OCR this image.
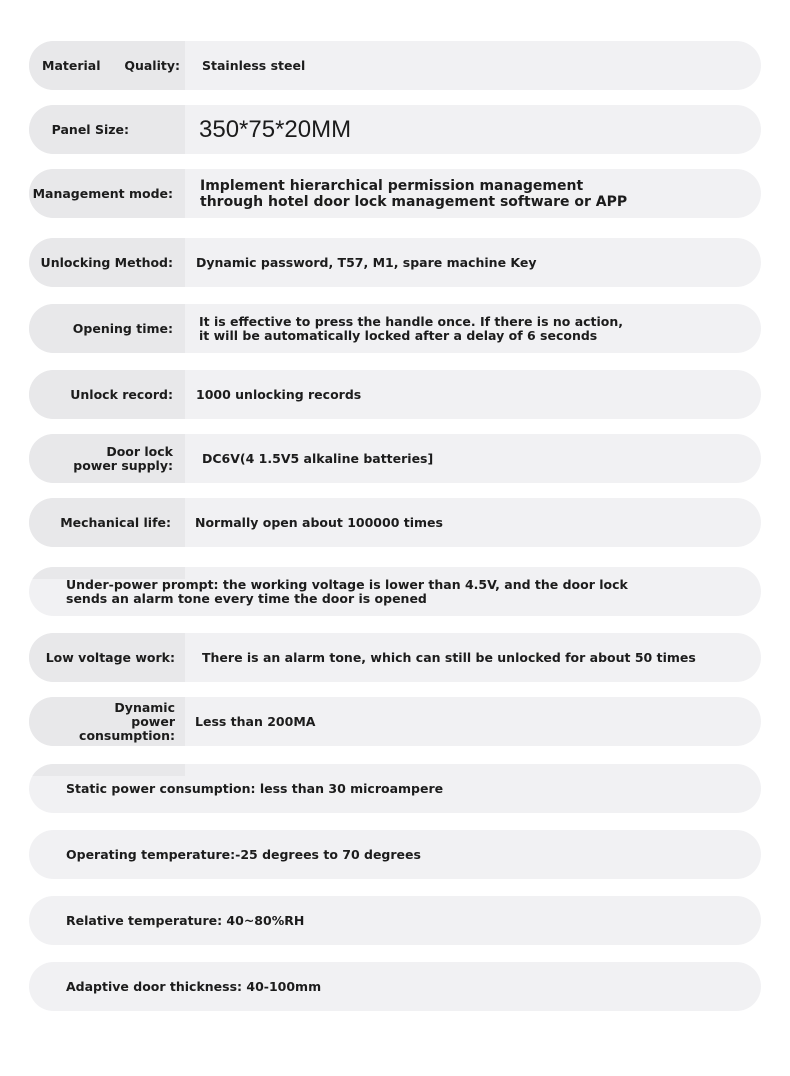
Material Quality: Stainless steel
Panel Size:	350*75*20MM
Management mode: Implement hierarchical permission management through hotel door lock management software or APP
Unlocking Method: Dynamic password, T57, M1, spare machine Key
Opening time: It is effective to press the handle once. If there is no action, it will be automatically locked after a delay of 6 seconds
Unlock record: 1000 unlocking records
Door lock power supply: DC6V(4 1.5V5 alkaline batteries]
Mechanical life: Normally open about 100000 times
Under-power prompt: the working voltage is lower than 4.5V, and the door lock sends an alarm tone every time the door is opened
Low voltage work: There is an alarm tone, which can still be unlocked for about 50 times
Dynamic power consumption:
Less than 200MA
Static power consumption: less than 30 microampere
Operating temperature:-25 degrees to 70 degrees
Relative temperature: 40~80%RH
Adaptive door thickness: 40-100mm
